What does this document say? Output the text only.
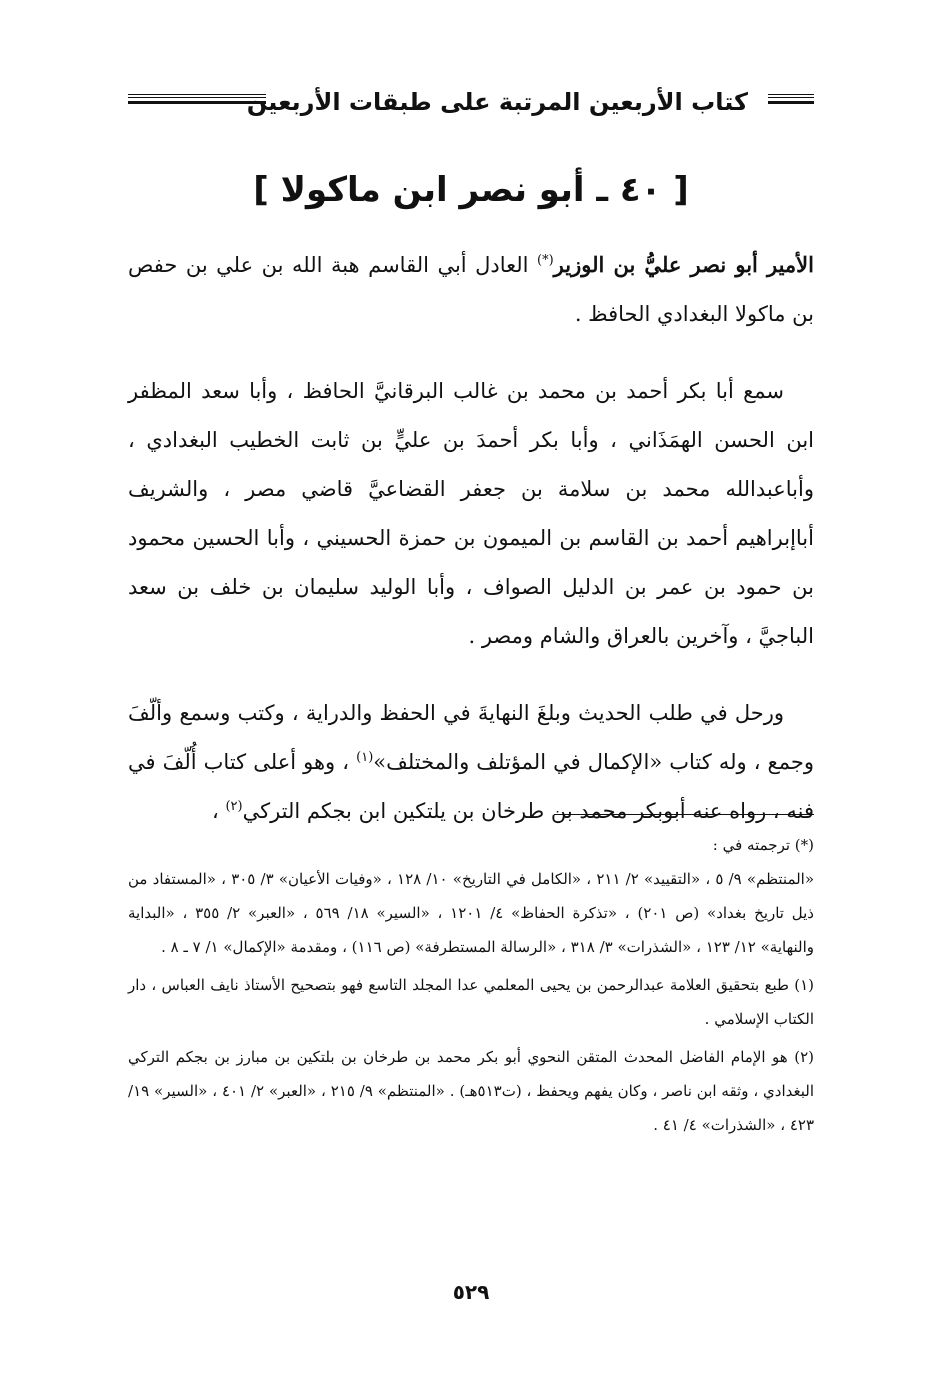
كتاب الأربعين المرتبة على طبقات الأربعين
[ ٤٠ ـ أبو نصر ابن ماكولا ]

الأمير أبو نصر عليُّ بن الوزير(*) العادل أبي القاسم هبة الله بن علي بن حفص بن ماكولا البغدادي الحافظ .

سمع أبا بكر أحمد بن محمد بن غالب البرقانيَّ الحافظ ، وأبا سعد المظفر ابن الحسن الهمَذَاني ، وأبا بكر أحمدَ بن عليٍّ بن ثابت الخطيب البغدادي ، وأباعبدالله محمد بن سلامة بن جعفر القضاعيَّ قاضي مصر ، والشريف أباإبراهيم أحمد بن القاسم بن الميمون بن حمزة الحسيني ، وأبا الحسين محمود بن حمود بن عمر بن الدليل الصواف ، وأبا الوليد سليمان بن خلف بن سعد الباجيَّ ، وآخرين بالعراق والشام ومصر .

ورحل في طلب الحديث وبلغَ النهايةَ في الحفظ والدراية ، وكتب وسمع وألّفَ وجمع ، وله كتاب «الإكمال في المؤتلف والمختلف»$^{(١)}$ ، وهو أعلى كتاب أُلّفَ في فنه ، رواه عنه أبوبكر محمد بن طرخان بن يلتكين ابن بجكم التركي$^{(٢)}$ ،

(*) ترجمته في :
«المنتظم» ٩/ ٥ ، «التقييد» ٢/ ٢١١ ، «الكامل في التاريخ» ١٠/ ١٢٨ ، «وفيات الأعيان» ٣/ ٣٠٥ ، «المستفاد من ذيل تاريخ بغداد» (ص ٢٠١) ، «تذكرة الحفاظ» ٤/ ١٢٠١ ، «السير» ١٨/ ٥٦٩ ، «العبر» ٢/ ٣٥٥ ، «البداية والنهاية» ١٢/ ١٢٣ ، «الشذرات» ٣/ ٣١٨ ، «الرسالة المستطرفة» (ص ١١٦) ، ومقدمة «الإكمال» ١/ ٧ ـ ٨ .

(١) طبع بتحقيق العلامة عبدالرحمن بن يحيى المعلمي عدا المجلد التاسع فهو بتصحيح الأستاذ نايف العباس ، دار الكتاب الإسلامي .

(٢) هو الإمام الفاضل المحدث المتقن النحوي أبو بكر محمد بن طرخان بن بلتكين بن مبارز بن بجكم التركي البغدادي ، وثقه ابن ناصر ، وكان يفهم ويحفظ ، (ت٥١٣هـ) . «المنتظم» ٩/ ٢١٥ ، «العبر» ٢/ ٤٠١ ، «السير» ١٩/ ٤٢٣ ، «الشذرات» ٤/ ٤١ .

٥٢٩
